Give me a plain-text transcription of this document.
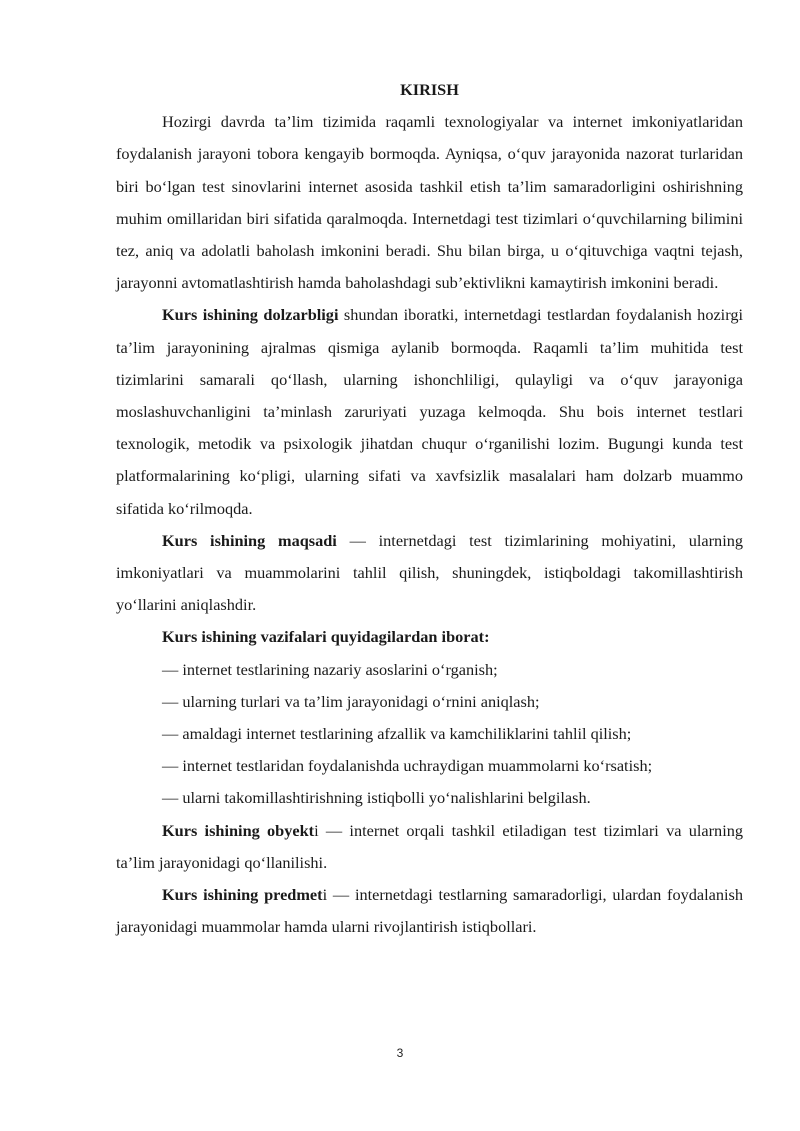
KIRISH

Hozirgi davrda ta’lim tizimida raqamli texnologiyalar va internet imkoniyatlaridan foydalanish jarayoni tobora kengayib bormoqda. Ayniqsa, o‘quv jarayonida nazorat turlaridan biri bo‘lgan test sinovlarini internet asosida tashkil etish ta’lim samaradorligini oshirishning muhim omillaridan biri sifatida qaralmoqda. Internetdagi test tizimlari o‘quvchilarning bilimini tez, aniq va adolatli baholash imkonini beradi. Shu bilan birga, u o‘qituvchiga vaqtni tejash, jarayonni avtomatlashtirish hamda baholashdagi sub’ektivlikni kamaytirish imkonini beradi.

Kurs ishining dolzarbligi shundan iboratki, internetdagi testlardan foydalanish hozirgi ta’lim jarayonining ajralmas qismiga aylanib bormoqda. Raqamli ta’lim muhitida test tizimlarini samarali qo‘llash, ularning ishonchliligi, qulayligi va o‘quv jarayoniga moslashuvchanligini ta’minlash zaruriyati yuzaga kelmoqda. Shu bois internet testlari texnologik, metodik va psixologik jihatdan chuqur o‘rganilishi lozim. Bugungi kunda test platformalarining ko‘pligi, ularning sifati va xavfsizlik masalalari ham dolzarb muammo sifatida ko‘rilmoqda.

Kurs ishining maqsadi — internetdagi test tizimlarining mohiyatini, ularning imkoniyatlari va muammolarini tahlil qilish, shuningdek, istiqboldagi takomillashtirish yo‘llarini aniqlashdir.

Kurs ishining vazifalari quyidagilardan iborat:

— internet testlarining nazariy asoslarini o‘rganish;

— ularning turlari va ta’lim jarayonidagi o‘rnini aniqlash;

— amaldagi internet testlarining afzallik va kamchiliklarini tahlil qilish;

— internet testlaridan foydalanishda uchraydigan muammolarni ko‘rsatish;

— ularni takomillashtirishning istiqbolli yo‘nalishlarini belgilash.

Kurs ishining obyekti — internet orqali tashkil etiladigan test tizimlari va ularning ta’lim jarayonidagi qo‘llanilishi.

Kurs ishining predmeti — internetdagi testlarning samaradorligi, ulardan foydalanish jarayonidagi muammolar hamda ularni rivojlantirish istiqbollari.

3
